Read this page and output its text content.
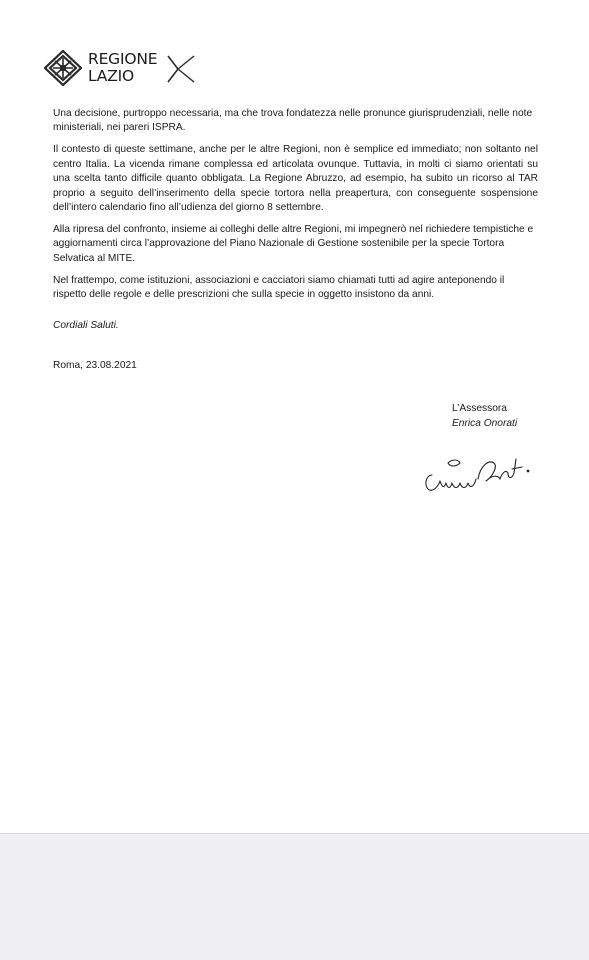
REGIONE
LAZIO

Una decisione, purtroppo necessaria, ma che trova fondatezza nelle pronunce giurisprudenziali, nelle note ministeriali, nei pareri ISPRA.

Il contesto di queste settimane, anche per le altre Regioni, non è semplice ed immediato; non soltanto nel centro Italia. La vicenda rimane complessa ed articolata ovunque. Tuttavia, in molti ci siamo orientati su una scelta tanto difficile quanto obbligata. La Regione Abruzzo, ad esempio, ha subito un ricorso al TAR proprio a seguito dell’inserimento della specie tortora nella preapertura, con conseguente sospensione dell’intero calendario fino all’udienza del giorno 8 settembre.

Alla ripresa del confronto, insieme ai colleghi delle altre Regioni, mi impegnerò nel richiedere tempistiche e aggiornamenti circa l’approvazione del Piano Nazionale di Gestione sostenibile per la specie Tortora Selvatica al MITE.

Nel frattempo, come istituzioni, associazioni e cacciatori siamo chiamati tutti ad agire anteponendo il rispetto delle regole e delle prescrizioni che sulla specie in oggetto insistono da anni.

Cordiali Saluti.
Roma, 23.08.2021
L’Assessora
Enrica Onorati
